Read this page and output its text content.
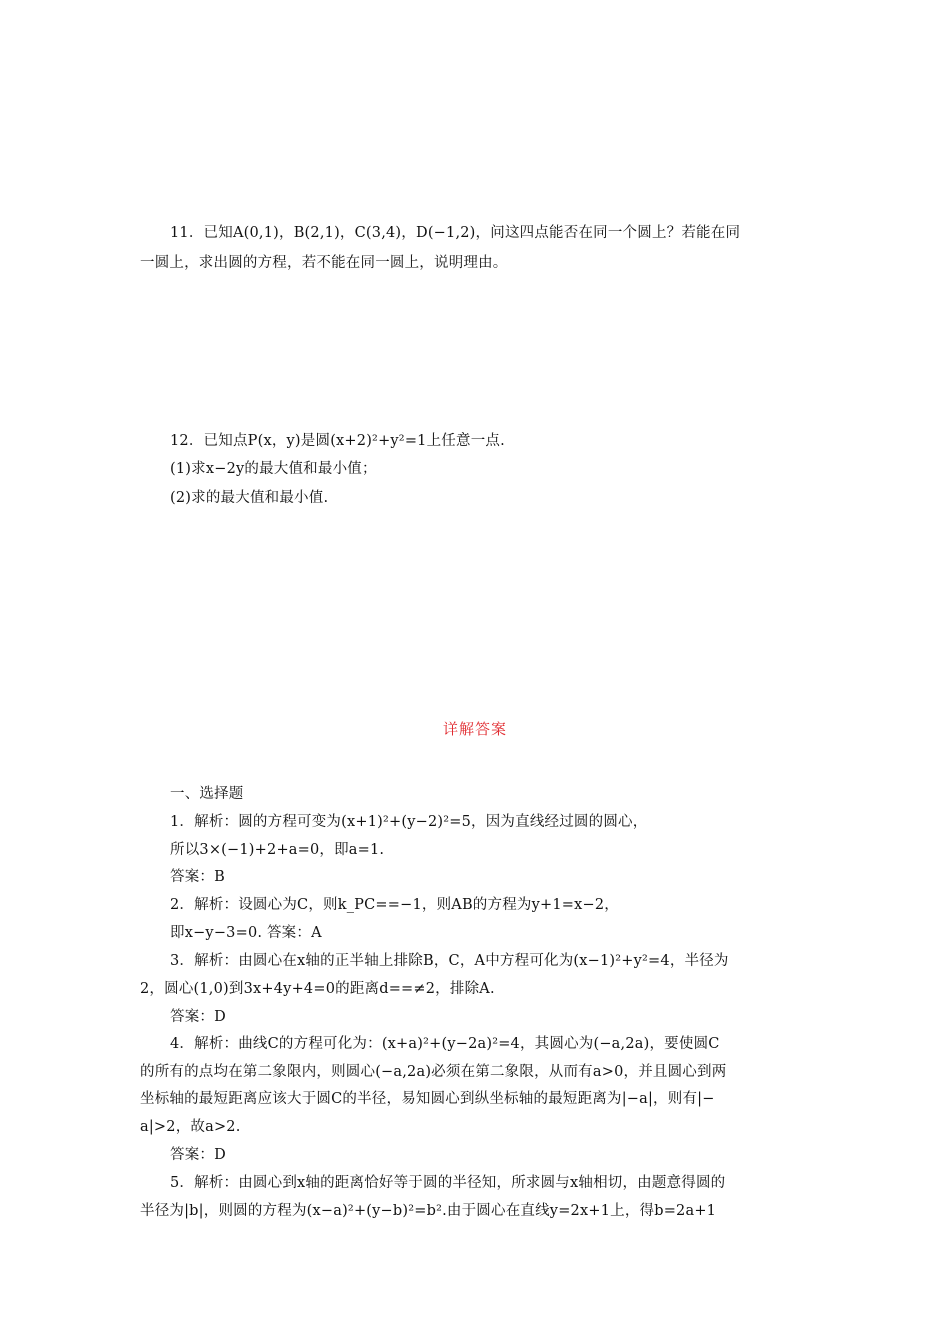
11．已知A(0,1)，B(2,1)，C(3,4)，D(−1,2)，问这四点能否在同一个圆上？若能在同
一圆上，求出圆的方程，若不能在同一圆上，说明理由。
12．已知点P(x，y)是圆(x+2)²+y²=1上任意一点.
(1)求x−2y的最大值和最小值；
(2)求的最大值和最小值.
详解答案
一、选择题
1．解析：圆的方程可变为(x+1)²+(y−2)²=5，因为直线经过圆的圆心，
所以3×(−1)+2+a=0，即a=1.
答案：B
2．解析：设圆心为C，则k_PC==−1，则AB的方程为y+1=x−2，
即x−y−3=0. 答案：A
3．解析：由圆心在x轴的正半轴上排除B，C，A中方程可化为(x−1)²+y²=4，半径为
2，圆心(1,0)到3x+4y+4=0的距离d==≠2，排除A.
答案：D
4．解析：曲线C的方程可化为：(x+a)²+(y−2a)²=4，其圆心为(−a,2a)，要使圆C
的所有的点均在第二象限内，则圆心(−a,2a)必须在第二象限，从而有a>0，并且圆心到两
坐标轴的最短距离应该大于圆C的半径，易知圆心到纵坐标轴的最短距离为|−a|，则有|−
a|>2，故a>2.
答案：D
5．解析：由圆心到x轴的距离恰好等于圆的半径知，所求圆与x轴相切，由题意得圆的
半径为|b|，则圆的方程为(x−a)²+(y−b)²=b².由于圆心在直线y=2x+1上，得b=2a+1
